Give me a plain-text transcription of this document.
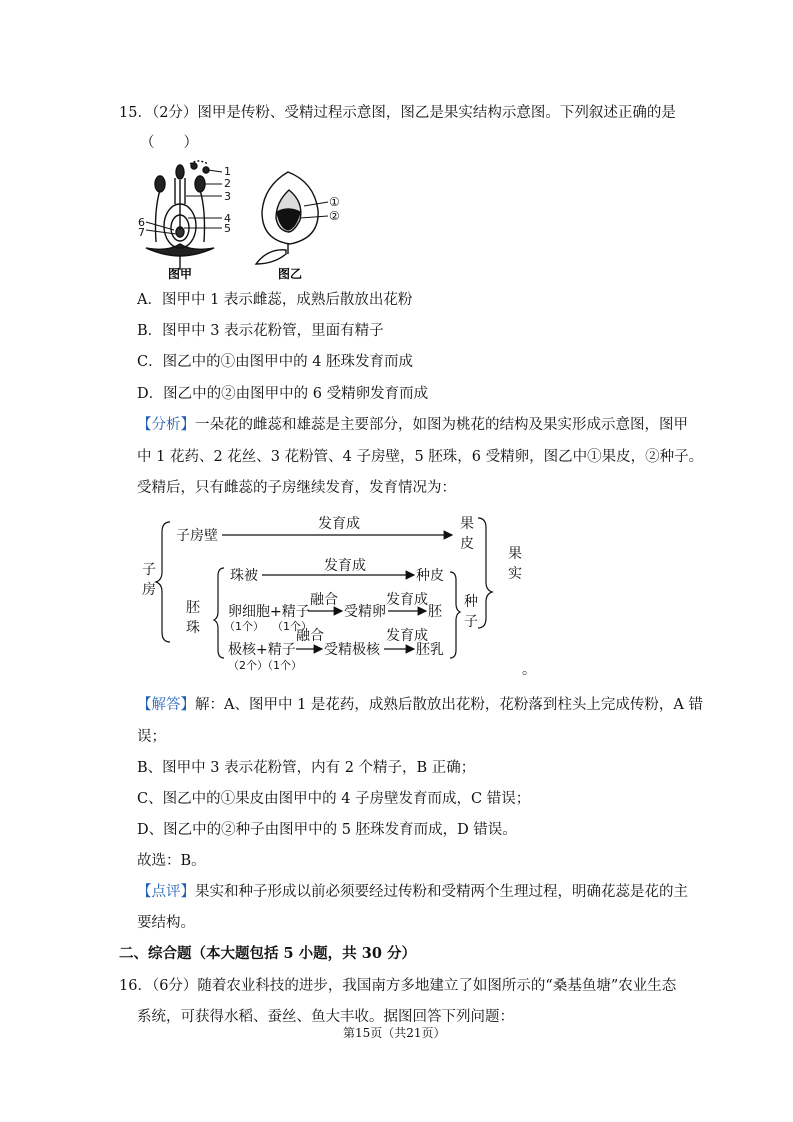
15．（2分）图甲是传粉、受精过程示意图，图乙是果实结构示意图。下列叙述正确的是
（　　）
1
2
3
4
5
6
7
图甲
①
②
图乙
A．图甲中 1 表示雌蕊，成熟后散放出花粉
B．图甲中 3 表示花粉管，里面有精子
C．图乙中的①由图甲中的 4 胚珠发育而成
D．图乙中的②由图甲中的 6 受精卵发育而成
【分析】一朵花的雌蕊和雄蕊是主要部分，如图为桃花的结构及果实形成示意图，图甲
中 1 花药、2 花丝、3 花粉管、4 子房壁，5 胚珠，6 受精卵，图乙中①果皮，②种子。
受精后，只有雌蕊的子房继续发育，发育情况为：
子
房
子房壁
发育成	果
皮
胚
珠
珠被
发育成
种皮
卵细胞+精子
（1个） （1个）
融合
受精卵
发育成
胚
极核+精子
（2个）
（1个）
融合
受精极核
发育成
胚乳
种
子
果
实
。
【解答】解：A、图甲中 1 是花药，成熟后散放出花粉，花粉落到柱头上完成传粉，A 错
误；
B、图甲中 3 表示花粉管，内有 2 个精子，B 正确；
C、图乙中的①果皮由图甲中的 4 子房壁发育而成，C 错误；
D、图乙中的②种子由图甲中的 5 胚珠发育而成，D 错误。
故选：B。
【点评】果实和种子形成以前必须要经过传粉和受精两个生理过程，明确花蕊是花的主
要结构。
二、综合题（本大题包括 5 小题，共 30 分）
16．（6分）随着农业科技的进步，我国南方多地建立了如图所示的“桑基鱼塘”农业生态
系统，可获得水稻、蚕丝、鱼大丰收。据图回答下列问题：
第15页（共21页）
